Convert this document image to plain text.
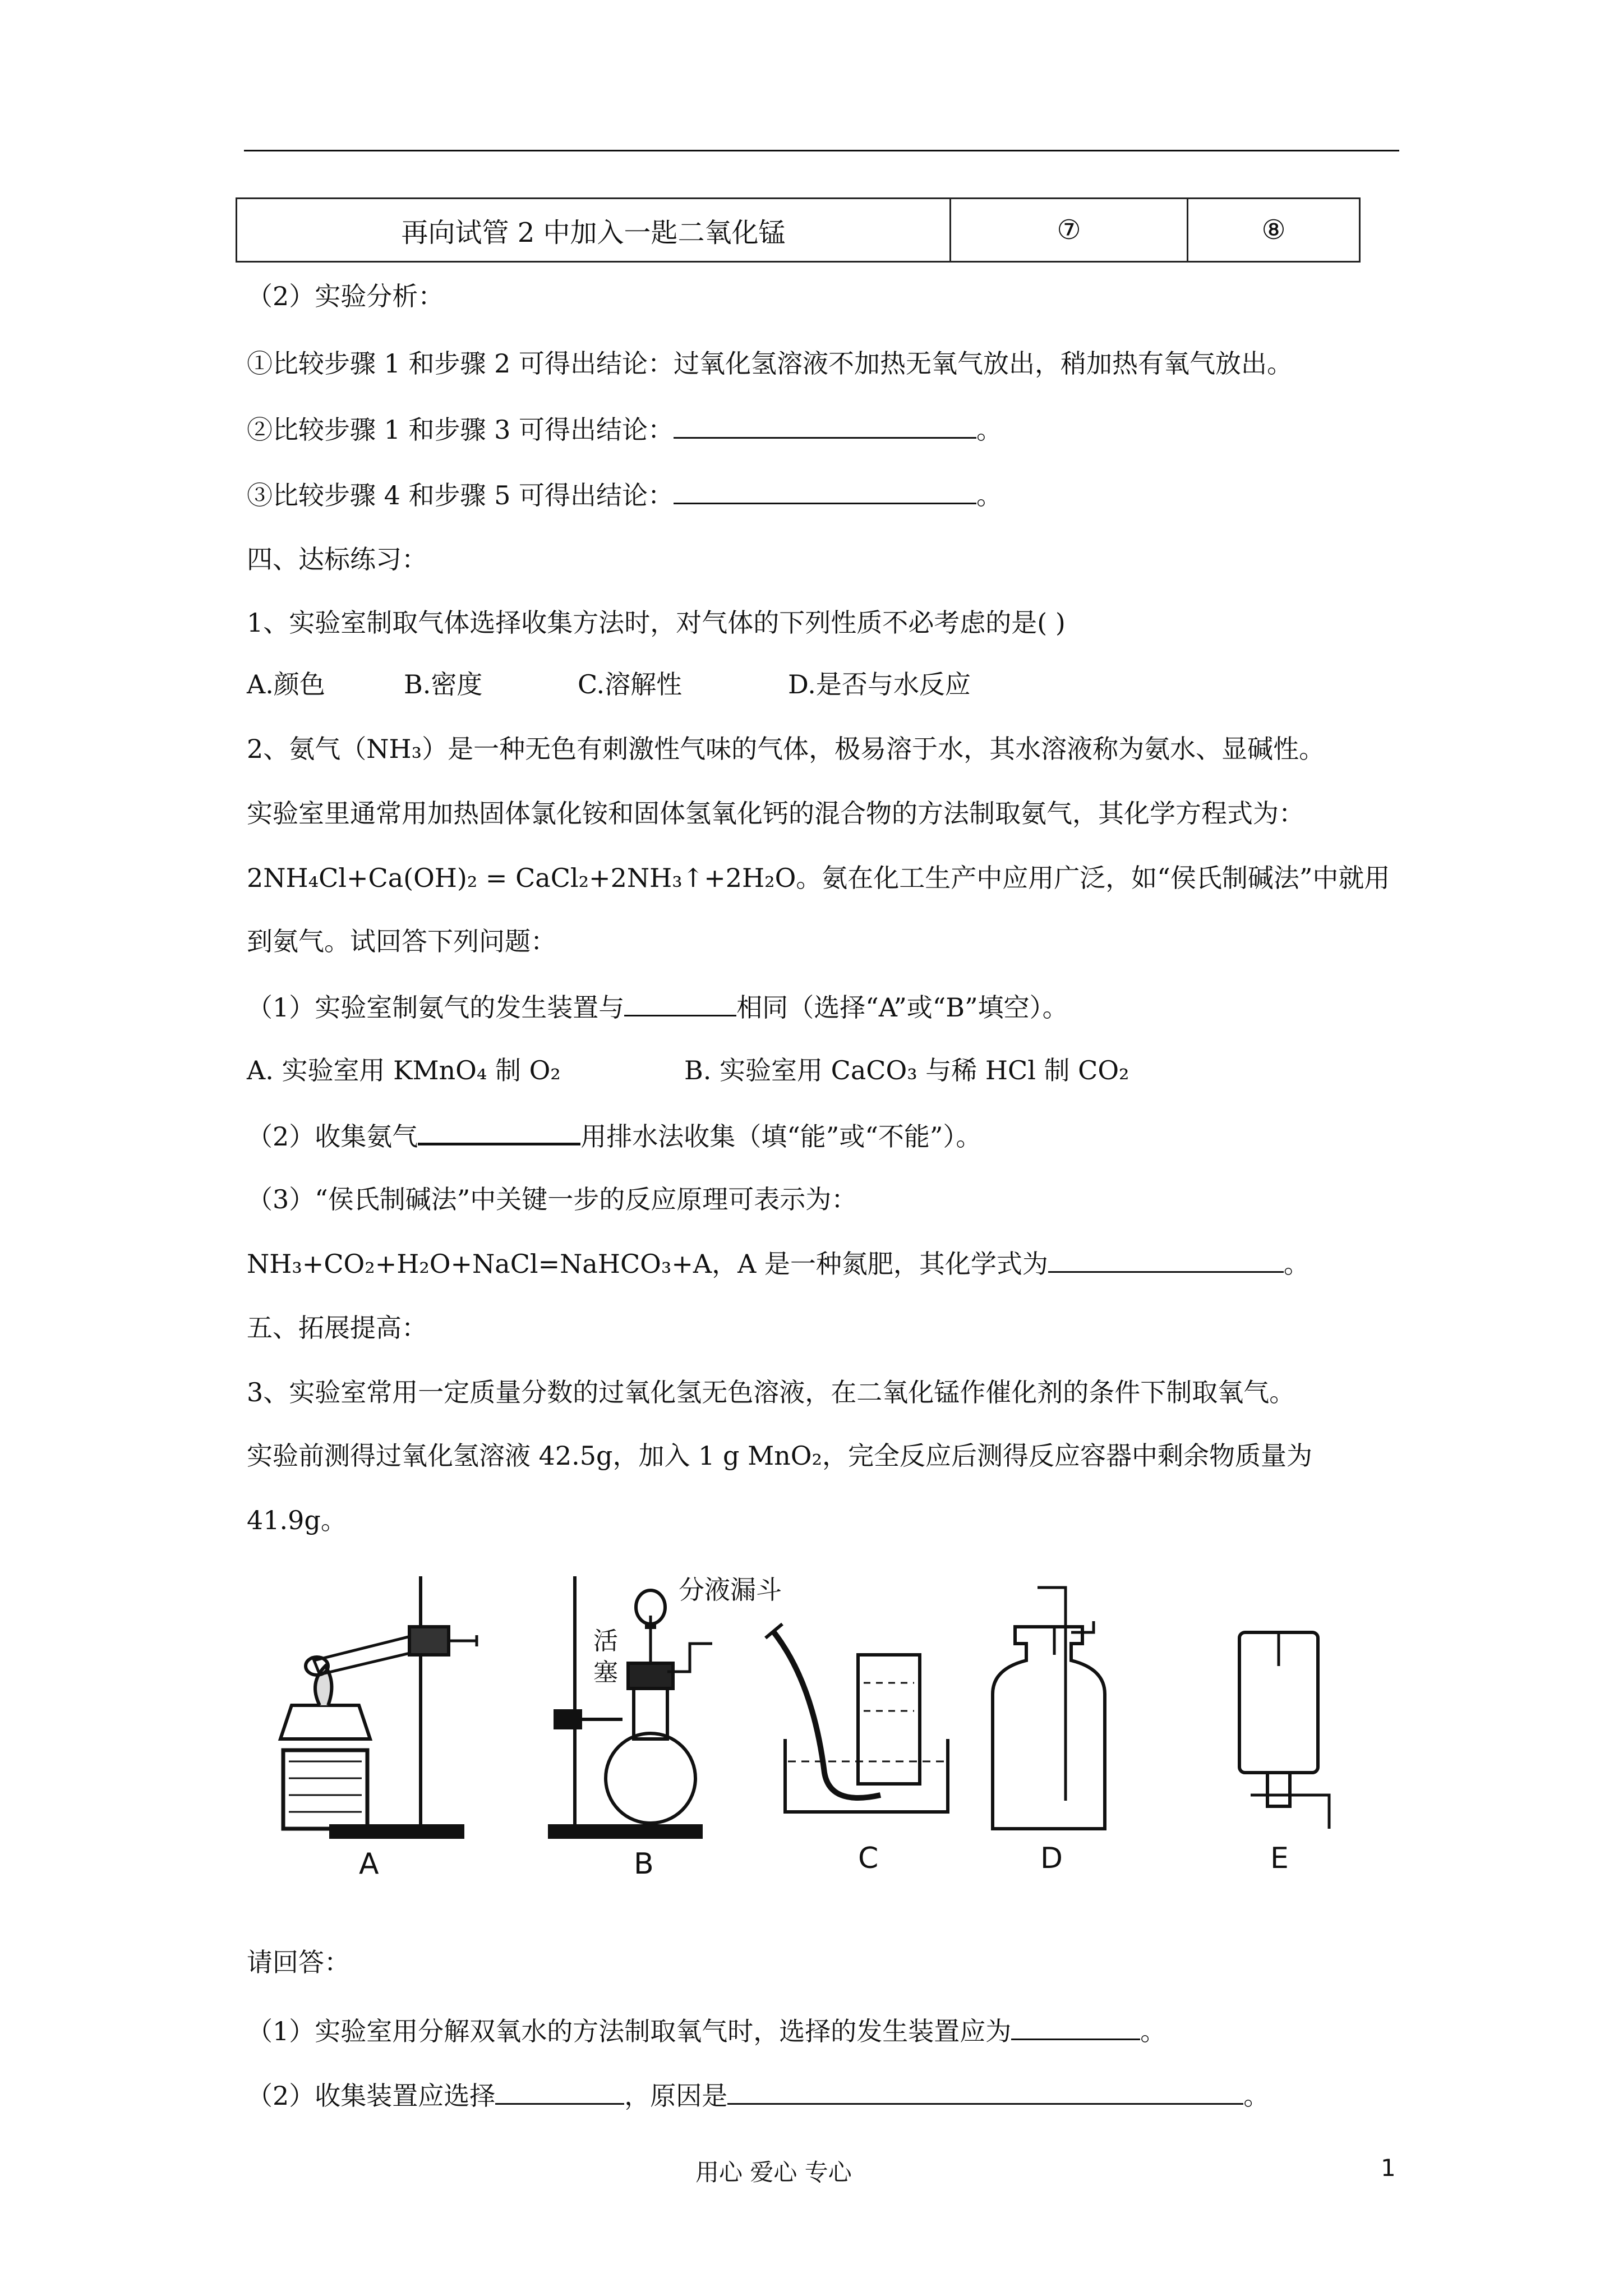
再向试管 2 中加入一匙二氧化锰	⑦	⑧
（2）实验分析：
①比较步骤 1 和步骤 2 可得出结论：过氧化氢溶液不加热无氧气放出，稍加热有氧气放出。
②比较步骤 1 和步骤 3 可得出结论：	。
③比较步骤 4 和步骤 5 可得出结论：	。
四、达标练习：
1、实验室制取气体选择收集方法时，对气体的下列性质不必考虑的是( )
A.颜色	B.密度	C.溶解性	D.是否与水反应
2、氨气（NH₃）是一种无色有刺激性气味的气体，极易溶于水，其水溶液称为氨水、显碱性。
实验室里通常用加热固体氯化铵和固体氢氧化钙的混合物的方法制取氨气，其化学方程式为：
2NH₄Cl+Ca(OH)₂ = CaCl₂+2NH₃↑+2H₂O。氨在化工生产中应用广泛，如“侯氏制碱法”中就用
到氨气。试回答下列问题：
（1）实验室制氨气的发生装置与	相同（选择“A”或“B”填空）。
A. 实验室用 KMnO₄ 制 O₂	B. 实验室用 CaCO₃ 与稀 HCl 制 CO₂
（2）收集氨气	用排水法收集（填“能”或“不能”）。
（3）“侯氏制碱法”中关键一步的反应原理可表示为：
NH₃+CO₂+H₂O+NaCl=NaHCO₃+A，A 是一种氮肥，其化学式为	。
五、拓展提高：
3、实验室常用一定质量分数的过氧化氢无色溶液，在二氧化锰作催化剂的条件下制取氧气。
实验前测得过氧化氢溶液 42.5g，加入 1 g MnO₂，完全反应后测得反应容器中剩余物质量为
41.9g。
分液漏斗
活
塞
A	B	C	D	E
请回答：
（1）实验室用分解双氧水的方法制取氧气时，选择的发生装置应为	。
（2）收集装置应选择	，原因是	。
用心 爱心 专心	1
